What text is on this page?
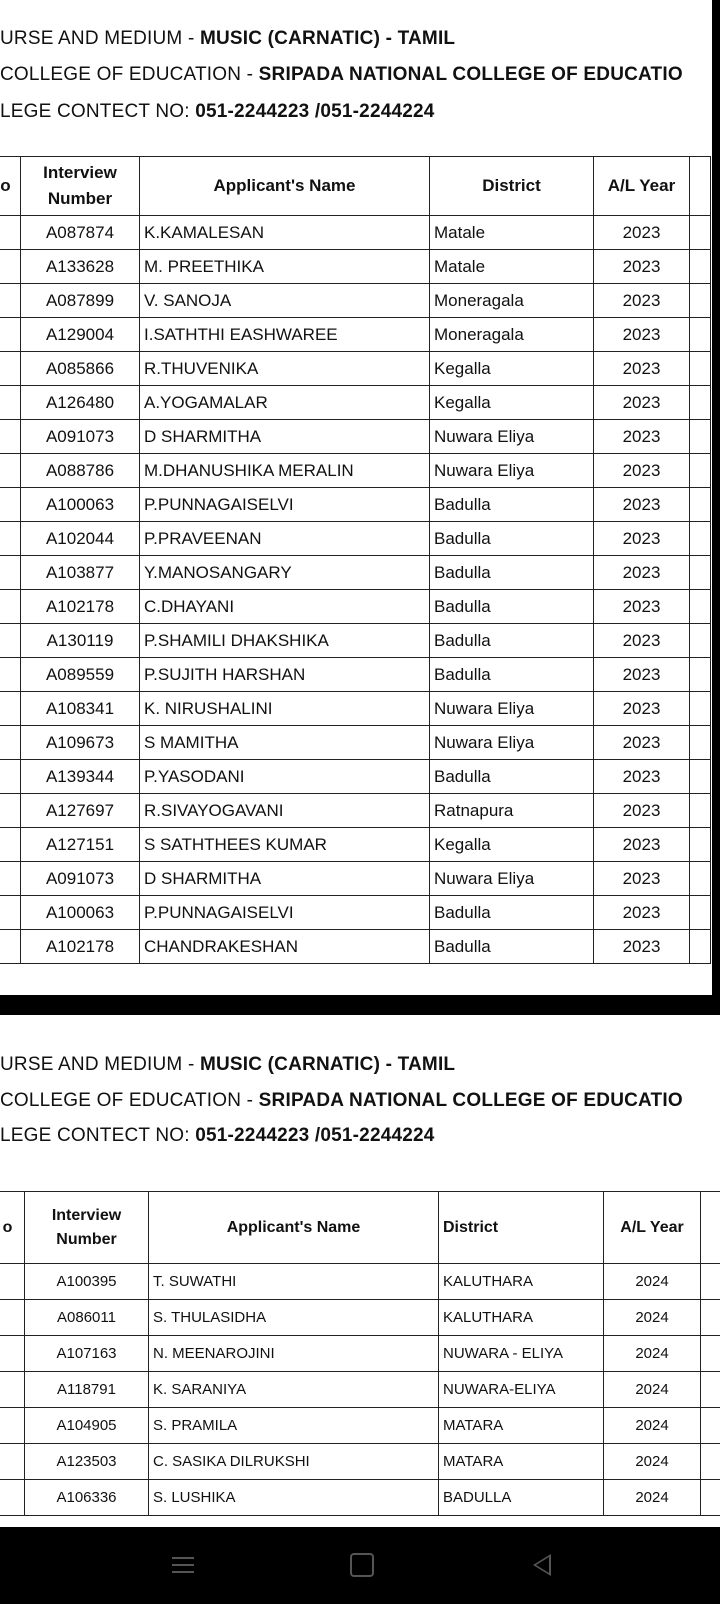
URSE AND MEDIUM - MUSIC (CARNATIC) - TAMIL
COLLEGE OF EDUCATION - SRIPADA NATIONAL COLLEGE OF EDUCATIO
LEGE CONTECT NO: 051-2244223 /051-2244224
o	Interview Number	Applicant's Name	District	A/L Year	
	A087874	K.KAMALESAN	Matale	2023	
	A133628	M. PREETHIKA	Matale	2023	
	A087899	V. SANOJA	Moneragala	2023	
	A129004	I.SATHTHI EASHWAREE	Moneragala	2023	
	A085866	R.THUVENIKA	Kegalla	2023	
	A126480	A.YOGAMALAR	Kegalla	2023	
	A091073	D SHARMITHA	Nuwara Eliya	2023	
	A088786	M.DHANUSHIKA MERALIN	Nuwara Eliya	2023	
	A100063	P.PUNNAGAISELVI	Badulla	2023	
	A102044	P.PRAVEENAN	Badulla	2023	
	A103877	Y.MANOSANGARY	Badulla	2023	
	A102178	C.DHAYANI	Badulla	2023	
	A130119	P.SHAMILI DHAKSHIKA	Badulla	2023	
	A089559	P.SUJITH HARSHAN	Badulla	2023	
	A108341	K. NIRUSHALINI	Nuwara Eliya	2023	
	A109673	S MAMITHA	Nuwara Eliya	2023	
	A139344	P.YASODANI	Badulla	2023	
	A127697	R.SIVAYOGAVANI	Ratnapura	2023	
	A127151	S SATHTHEES KUMAR	Kegalla	2023	
	A091073	D SHARMITHA	Nuwara Eliya	2023	
	A100063	P.PUNNAGAISELVI	Badulla	2023	
	A102178	CHANDRAKESHAN	Badulla	2023	
URSE AND MEDIUM - MUSIC (CARNATIC) - TAMIL
COLLEGE OF EDUCATION - SRIPADA NATIONAL COLLEGE OF EDUCATIO
LEGE CONTECT NO: 051-2244223 /051-2244224
o	Interview Number	Applicant's Name	District	A/L Year	
	A100395	T. SUWATHI	KALUTHARA	2024	
	A086011	S. THULASIDHA	KALUTHARA	2024	
	A107163	N. MEENAROJINI	NUWARA - ELIYA	2024	
	A118791	K. SARANIYA	NUWARA-ELIYA	2024	
	A104905	S. PRAMILA	MATARA	2024	
	A123503	C. SASIKA DILRUKSHI	MATARA	2024	
	A106336	S. LUSHIKA	BADULLA	2024	
